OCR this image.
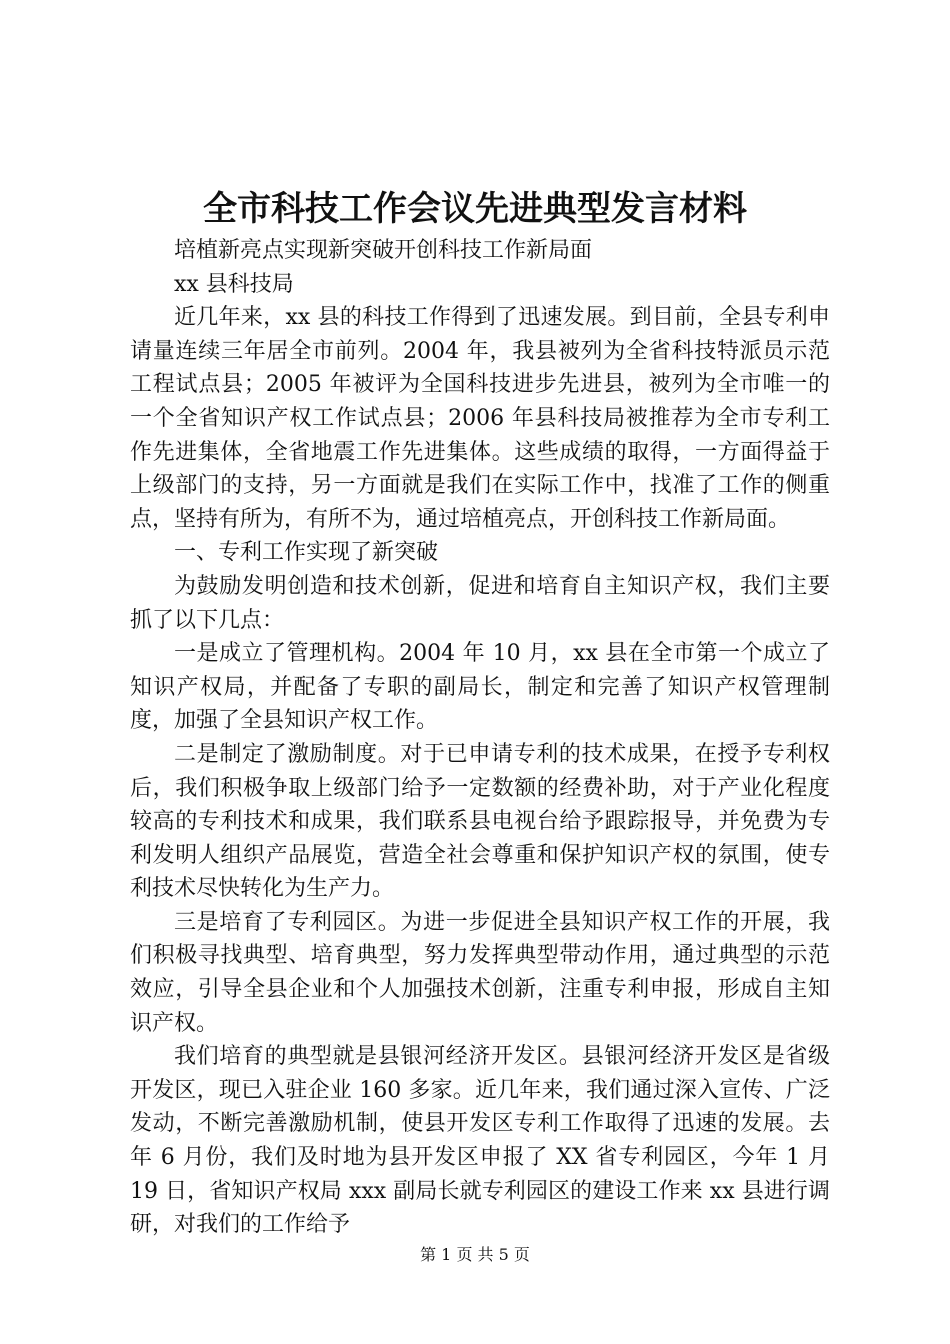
全市科技工作会议先进典型发言材料

培植新亮点实现新突破开创科技工作新局面

xx 县科技局

近几年来，xx 县的科技工作得到了迅速发展。到目前，全县专利申请量连续三年居全市前列。2004 年，我县被列为全省科技特派员示范工程试点县；2005 年被评为全国科技进步先进县，被列为全市唯一的一个全省知识产权工作试点县；2006 年县科技局被推荐为全市专利工作先进集体，全省地震工作先进集体。这些成绩的取得，一方面得益于上级部门的支持，另一方面就是我们在实际工作中，找准了工作的侧重点，坚持有所为，有所不为，通过培植亮点，开创科技工作新局面。

一、专利工作实现了新突破

为鼓励发明创造和技术创新，促进和培育自主知识产权，我们主要抓了以下几点：

一是成立了管理机构。2004 年 10 月，xx 县在全市第一个成立了知识产权局，并配备了专职的副局长，制定和完善了知识产权管理制度，加强了全县知识产权工作。

二是制定了激励制度。对于已申请专利的技术成果，在授予专利权后，我们积极争取上级部门给予一定数额的经费补助，对于产业化程度较高的专利技术和成果，我们联系县电视台给予跟踪报导，并免费为专利发明人组织产品展览，营造全社会尊重和保护知识产权的氛围，使专利技术尽快转化为生产力。

三是培育了专利园区。为进一步促进全县知识产权工作的开展，我们积极寻找典型、培育典型，努力发挥典型带动作用，通过典型的示范效应，引导全县企业和个人加强技术创新，注重专利申报，形成自主知识产权。

我们培育的典型就是县银河经济开发区。县银河经济开发区是省级开发区，现已入驻企业 160 多家。近几年来，我们通过深入宣传、广泛发动，不断完善激励机制，使县开发区专利工作取得了迅速的发展。去年 6 月份，我们及时地为县开发区申报了 XX 省专利园区，今年 1 月 19 日，省知识产权局 xxx 副局长就专利园区的建设工作来 xx 县进行调研，对我们的工作给予

第 1 页 共 5 页
